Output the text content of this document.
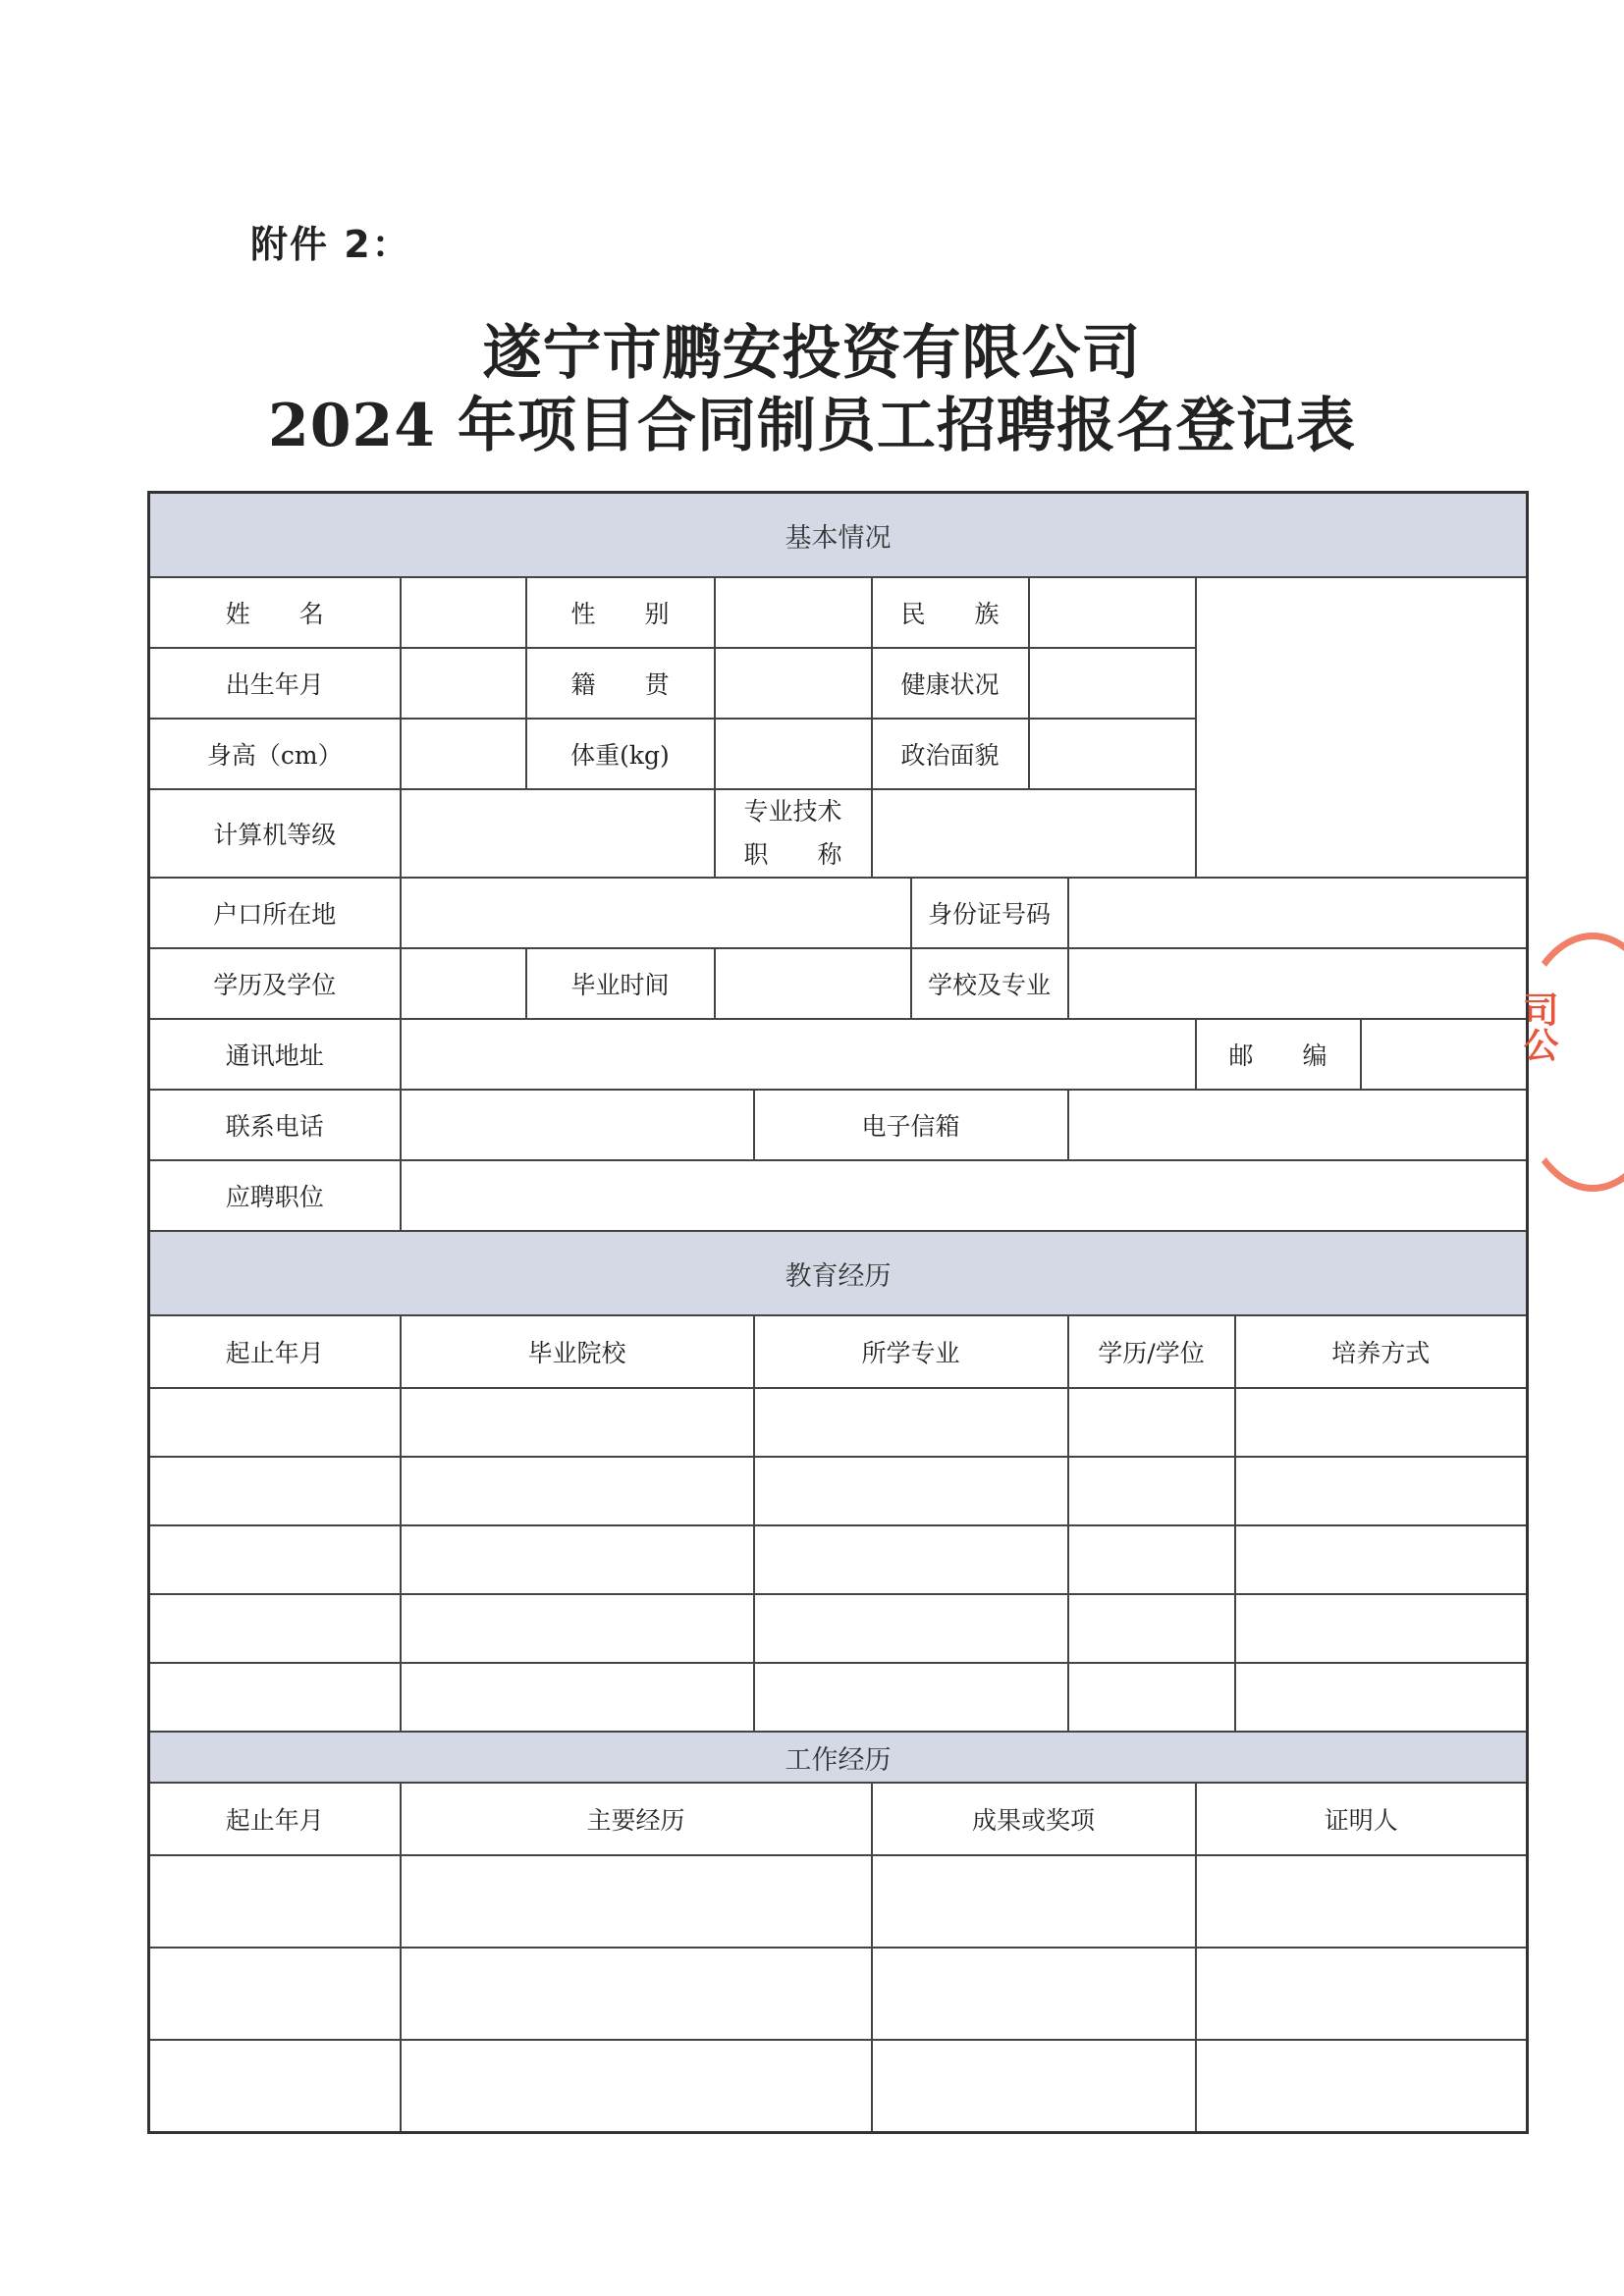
附件 2：
遂宁市鹏安投资有限公司
2024 年项目合同制员工招聘报名登记表
基本情况											
姓　　名		性　　别			民　　族						
出生年月		籍　　贯			健康状况						
身高（cm）		体重(kg)			政治面貌						
计算机等级			专业技术
职　　称								

户口所在地						身份证号码					
学历及学位		毕业时间				学校及专业					
通讯地址									邮　　编		
联系电话				电子信箱							
应聘职位											
教育经历											
起止年月	毕业院校			所学专业				学历/学位		培养方式	

工作经历											
起止年月	主要经历				成果或奖项				证明人		

司公
